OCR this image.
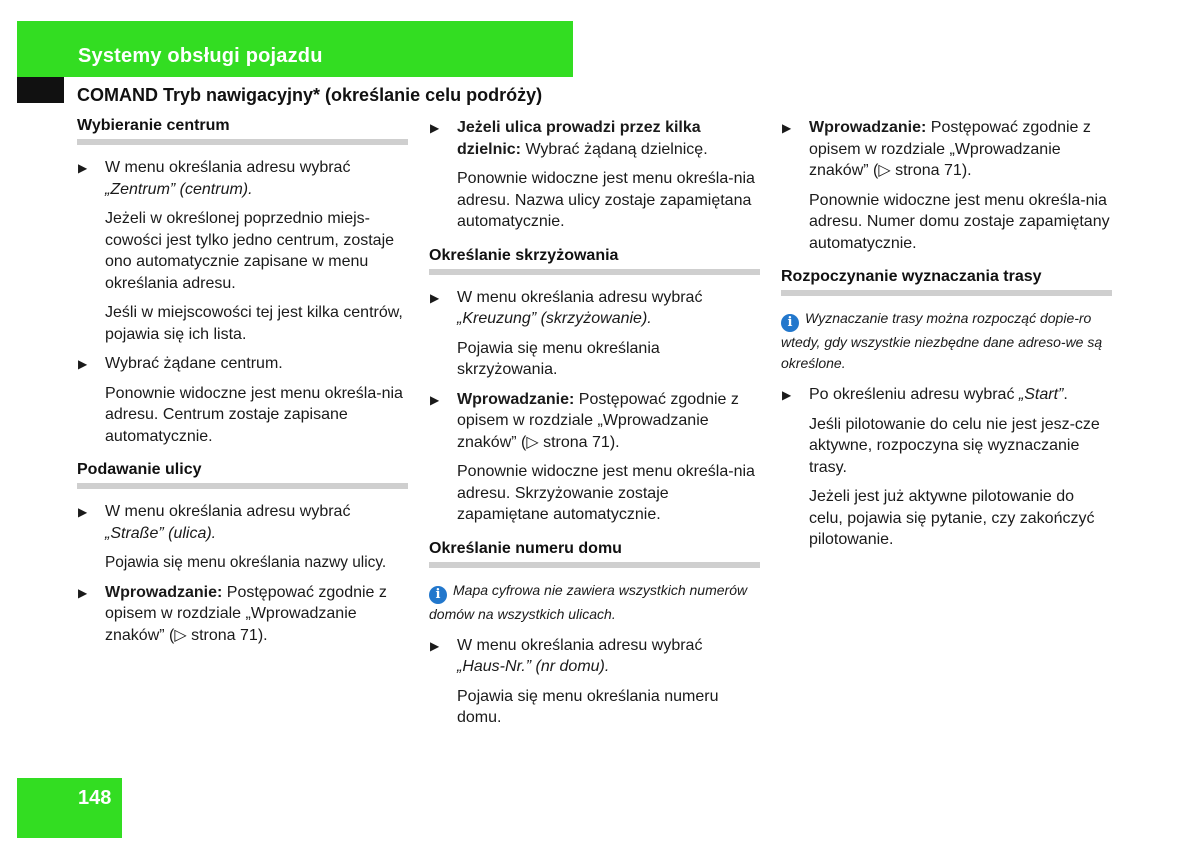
Systemy obsługi pojazdu
COMAND Tryb nawigacyjny* (określanie celu podróży)
Wybieranie centrum
▶ W menu określania adresu wybrać
„Zentrum” (centrum).
Jeżeli w określonej poprzednio miejs-cowości jest tylko jedno centrum, zostaje ono automatycznie zapisane w menu określania adresu.
Jeśli w miejscowości tej jest kilka centrów, pojawia się ich lista.
▶ Wybrać żądane centrum.
Ponownie widoczne jest menu określa-nia adresu. Centrum zostaje zapisane automatycznie.
Podawanie ulicy
▶ W menu określania adresu wybrać
„Straße” (ulica).
Pojawia się menu określania nazwy ulicy.
▶ Wprowadzanie: Postępować zgodnie z opisem w rozdziale „Wprowadzanie znaków” (▷ strona 71).
▶ Jeżeli ulica prowadzi przez kilka dzielnic: Wybrać żądaną dzielnicę.
Ponownie widoczne jest menu określa-nia adresu. Nazwa ulicy zostaje zapamiętana automatycznie.
Określanie skrzyżowania
▶ W menu określania adresu wybrać
„Kreuzung” (skrzyżowanie).
Pojawia się menu określania skrzyżowania.
▶ Wprowadzanie: Postępować zgodnie z opisem w rozdziale „Wprowadzanie znaków” (▷ strona 71).
Ponownie widoczne jest menu określa-nia adresu. Skrzyżowanie zostaje zapamiętane automatycznie.
Określanie numeru domu
i Mapa cyfrowa nie zawiera wszystkich numerów domów na wszystkich ulicach.
▶ W menu określania adresu wybrać
„Haus-Nr.” (nr domu).
Pojawia się menu określania numeru domu.
▶ Wprowadzanie: Postępować zgodnie z opisem w rozdziale „Wprowadzanie znaków” (▷ strona 71).
Ponownie widoczne jest menu określa-nia adresu. Numer domu zostaje zapamiętany automatycznie.
Rozpoczynanie wyznaczania trasy
i Wyznaczanie trasy można rozpocząć dopie-ro wtedy, gdy wszystkie niezbędne dane adreso-we są określone.
▶ Po określeniu adresu wybrać „Start”.
Jeśli pilotowanie do celu nie jest jesz-cze aktywne, rozpoczyna się wyznaczanie trasy.
Jeżeli jest już aktywne pilotowanie do celu, pojawia się pytanie, czy zakończyć pilotowanie.
148
